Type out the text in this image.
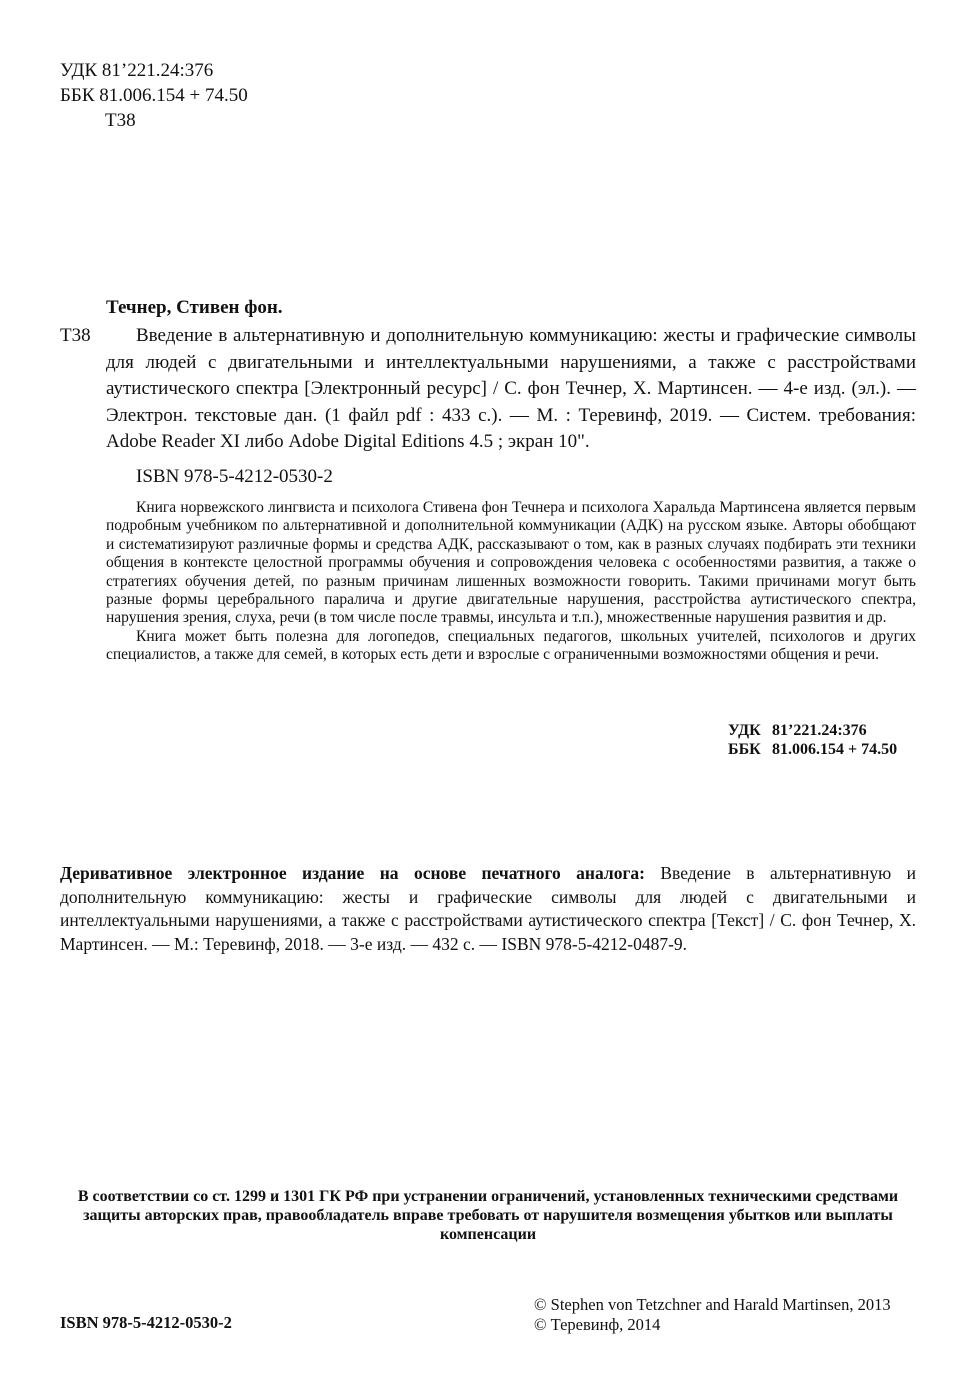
УДК 81’221.24:376
ББК 81.006.154 + 74.50
Т38
Течнер, Стивен фон.
Т38	Введение в альтернативную и дополнительную коммуникацию: жесты и графические символы для людей с двигательными и интеллектуальными нарушениями, а также с расстройствами аутистического спектра [Электронный ресурс] / С. фон Течнер, Х. Мартинсен. — 4-е изд. (эл.). — Электрон. текстовые дан. (1 файл pdf : 433 с.). — М. : Теревинф, 2019. — Систем. требования: Adobe Reader XI либо Adobe Digital Editions 4.5 ; экран 10".

ISBN 978-5-4212-0530-2

Книга норвежского лингвиста и психолога Стивена фон Течнера и психолога Харальда Мартинсена является первым подробным учебником по альтернативной и дополнительной коммуникации (АДК) на русском языке. Авторы обобщают и систематизируют различные формы и средства АДК, рассказывают о том, как в разных случаях подбирать эти техники общения в контексте целостной программы обучения и сопровождения человека с особенностями развития, а также о стратегиях обучения детей, по разным причинам лишенных возможности говорить. Такими причинами могут быть разные формы церебрального паралича и другие двигательные нарушения, расстройства аутистического спектра, нарушения зрения, слуха, речи (в том числе после травмы, инсульта и т.п.), множественные нарушения развития и др.

Книга может быть полезна для логопедов, специальных педагогов, школьных учителей, психологов и других специалистов, а также для семей, в которых есть дети и взрослые с ограниченными возможностями общения и речи.

УДК 81’221.24:376
ББК 81.006.154 + 74.50
Деривативное электронное издание на основе печатного аналога: Введение в альтернативную и дополнительную коммуникацию: жесты и графические символы для людей с двигательными и интеллектуальными нарушениями, а также с расстройствами аутистического спектра [Текст] / С. фон Течнер, Х. Мартинсен. — М.: Теревинф, 2018. — 3-е изд. — 432 с. — ISBN 978-5-4212-0487-9.
В соответствии со ст. 1299 и 1301 ГК РФ при устранении ограничений, установленных техническими средствами защиты авторских прав, правообладатель вправе требовать от нарушителя возмещения убытков или выплаты компенсации
ISBN 978-5-4212-0530-2
© Stephen von Tetzchner and Harald Martinsen, 2013
© Теревинф, 2014
